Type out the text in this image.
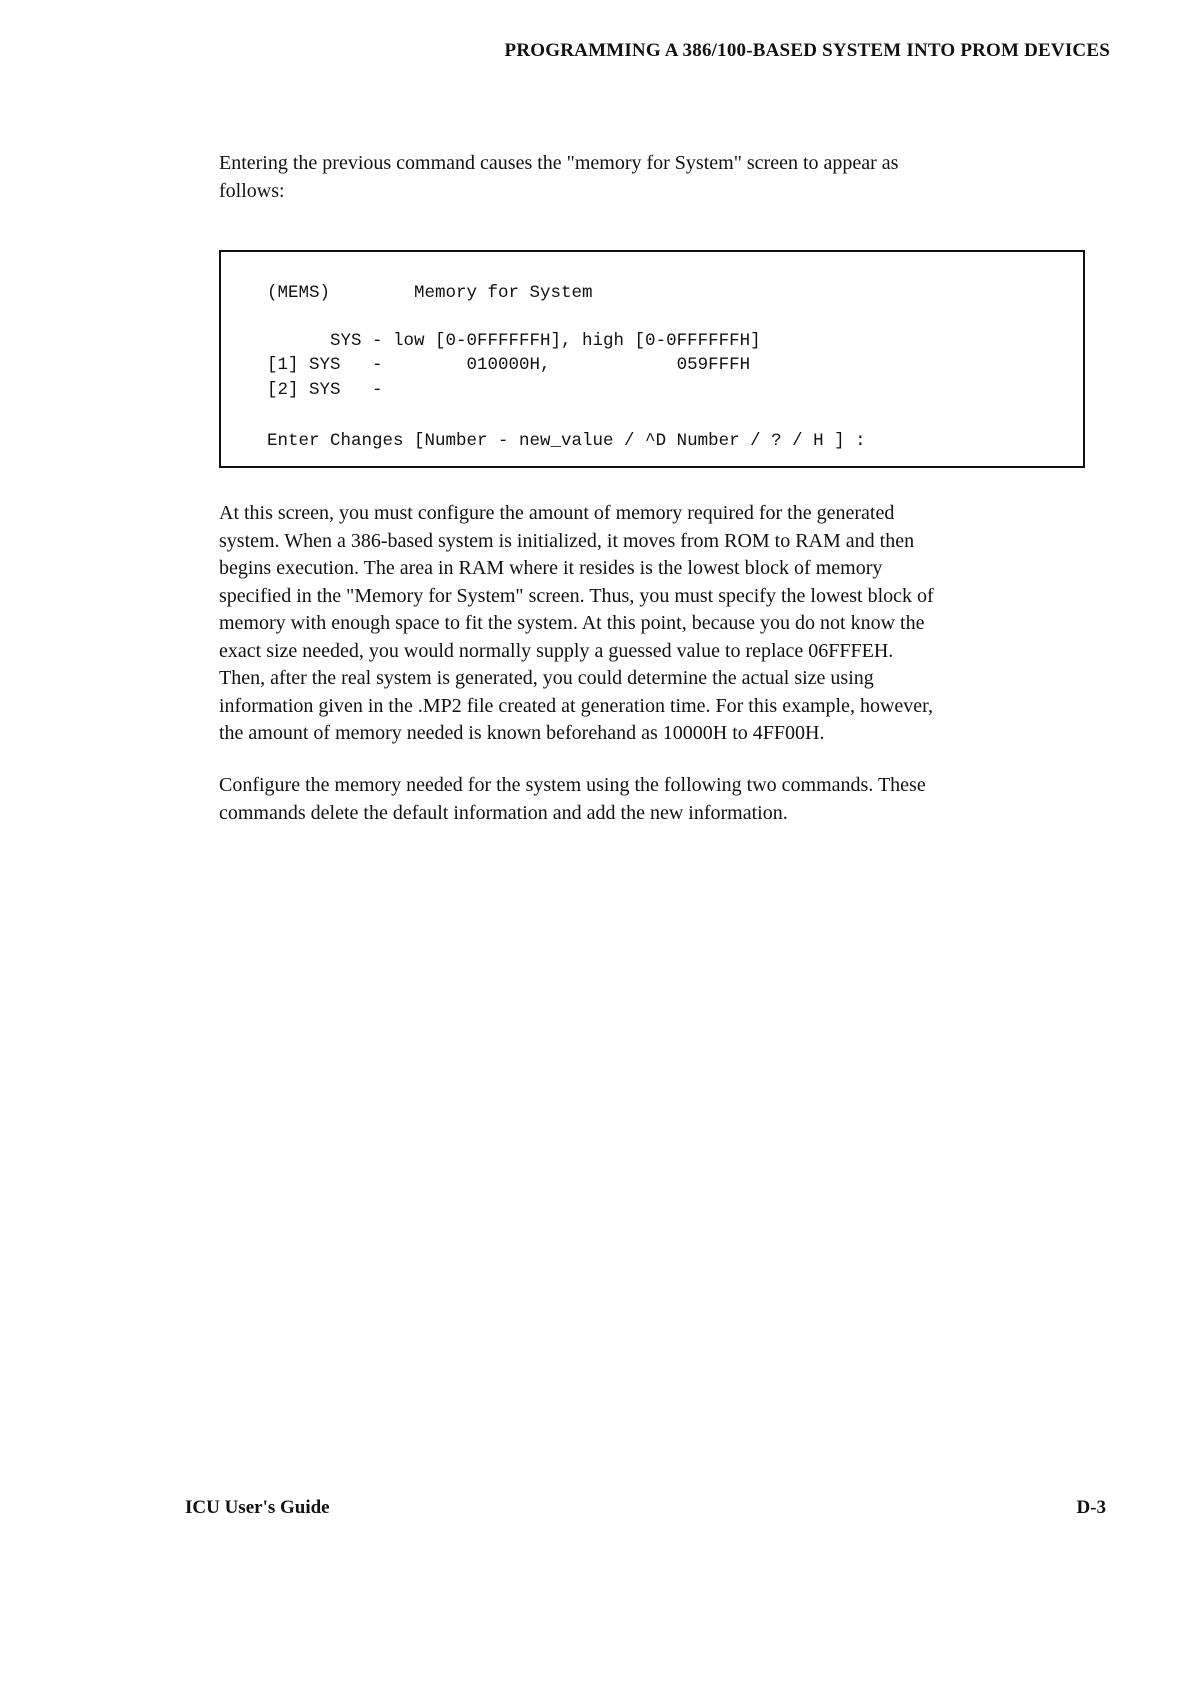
PROGRAMMING A 386/100-BASED SYSTEM INTO PROM DEVICES
Entering the previous command causes the "memory for System" screen to appear as
follows:
(MEMS)        Memory for System
SYS - low [0-0FFFFFFH], high [0-0FFFFFFH]
[1] SYS   -        010000H,            059FFFH
[2] SYS   -
Enter Changes [Number - new_value / ^D Number / ? / H ] :
At this screen, you must configure the amount of memory required for the generated
system. When a 386-based system is initialized, it moves from ROM to RAM and then
begins execution. The area in RAM where it resides is the lowest block of memory
specified in the "Memory for System" screen. Thus, you must specify the lowest block of
memory with enough space to fit the system. At this point, because you do not know the
exact size needed, you would normally supply a guessed value to replace 06FFFEH.
Then, after the real system is generated, you could determine the actual size using
information given in the .MP2 file created at generation time. For this example, however,
the amount of memory needed is known beforehand as 10000H to 4FF00H.
Configure the memory needed for the system using the following two commands. These
commands delete the default information and add the new information.
ICU User's Guide	D-3
